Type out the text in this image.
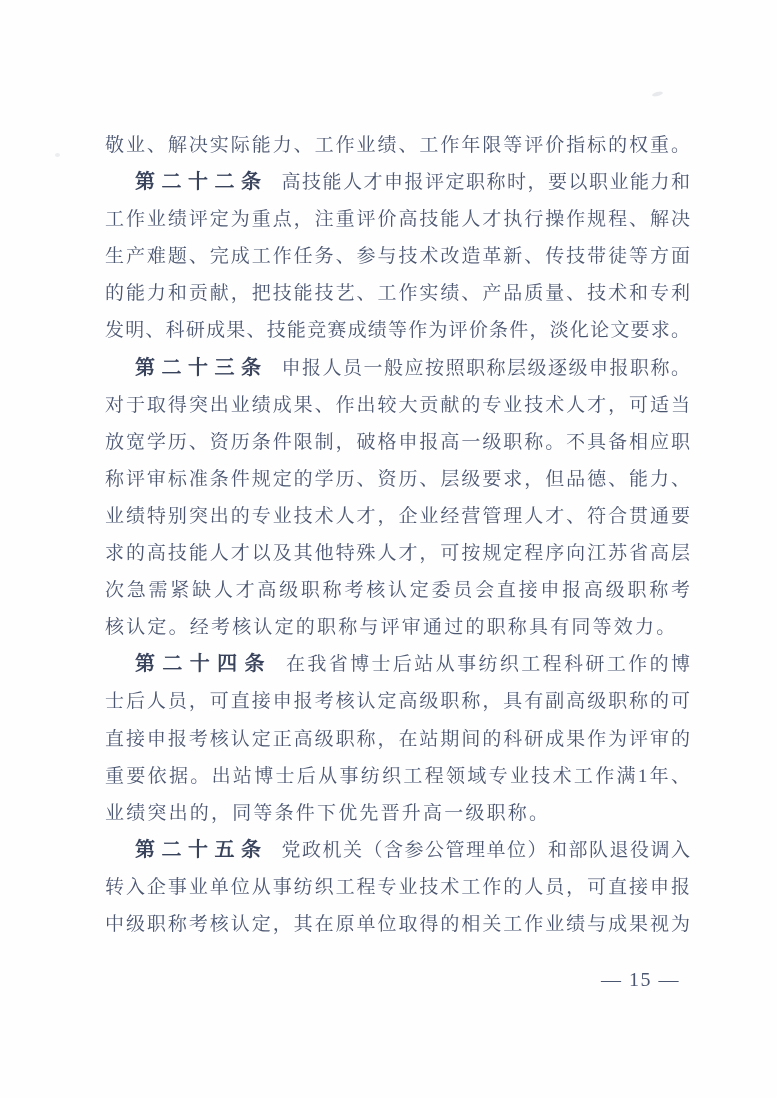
敬业、解决实际能力、工作业绩、工作年限等评价指标的权重。
第二十二条 高技能人才申报评定职称时，要以职业能力和
工作业绩评定为重点，注重评价高技能人才执行操作规程、解决
生产难题、完成工作任务、参与技术改造革新、传技带徒等方面
的能力和贡献，把技能技艺、工作实绩、产品质量、技术和专利
发明、科研成果、技能竞赛成绩等作为评价条件，淡化论文要求。
第二十三条 申报人员一般应按照职称层级逐级申报职称。
对于取得突出业绩成果、作出较大贡献的专业技术人才，可适当
放宽学历、资历条件限制，破格申报高一级职称。不具备相应职
称评审标准条件规定的学历、资历、层级要求，但品德、能力、
业绩特别突出的专业技术人才，企业经营管理人才、符合贯通要
求的高技能人才以及其他特殊人才，可按规定程序向江苏省高层
次急需紧缺人才高级职称考核认定委员会直接申报高级职称考
核认定。经考核认定的职称与评审通过的职称具有同等效力。
第二十四条 在我省博士后站从事纺织工程科研工作的博
士后人员，可直接申报考核认定高级职称，具有副高级职称的可
直接申报考核认定正高级职称，在站期间的科研成果作为评审的
重要依据。出站博士后从事纺织工程领域专业技术工作满1年、
业绩突出的，同等条件下优先晋升高一级职称。
第二十五条 党政机关（含参公管理单位）和部队退役调入
转入企事业单位从事纺织工程专业技术工作的人员，可直接申报
中级职称考核认定，其在原单位取得的相关工作业绩与成果视为
— 15 —
